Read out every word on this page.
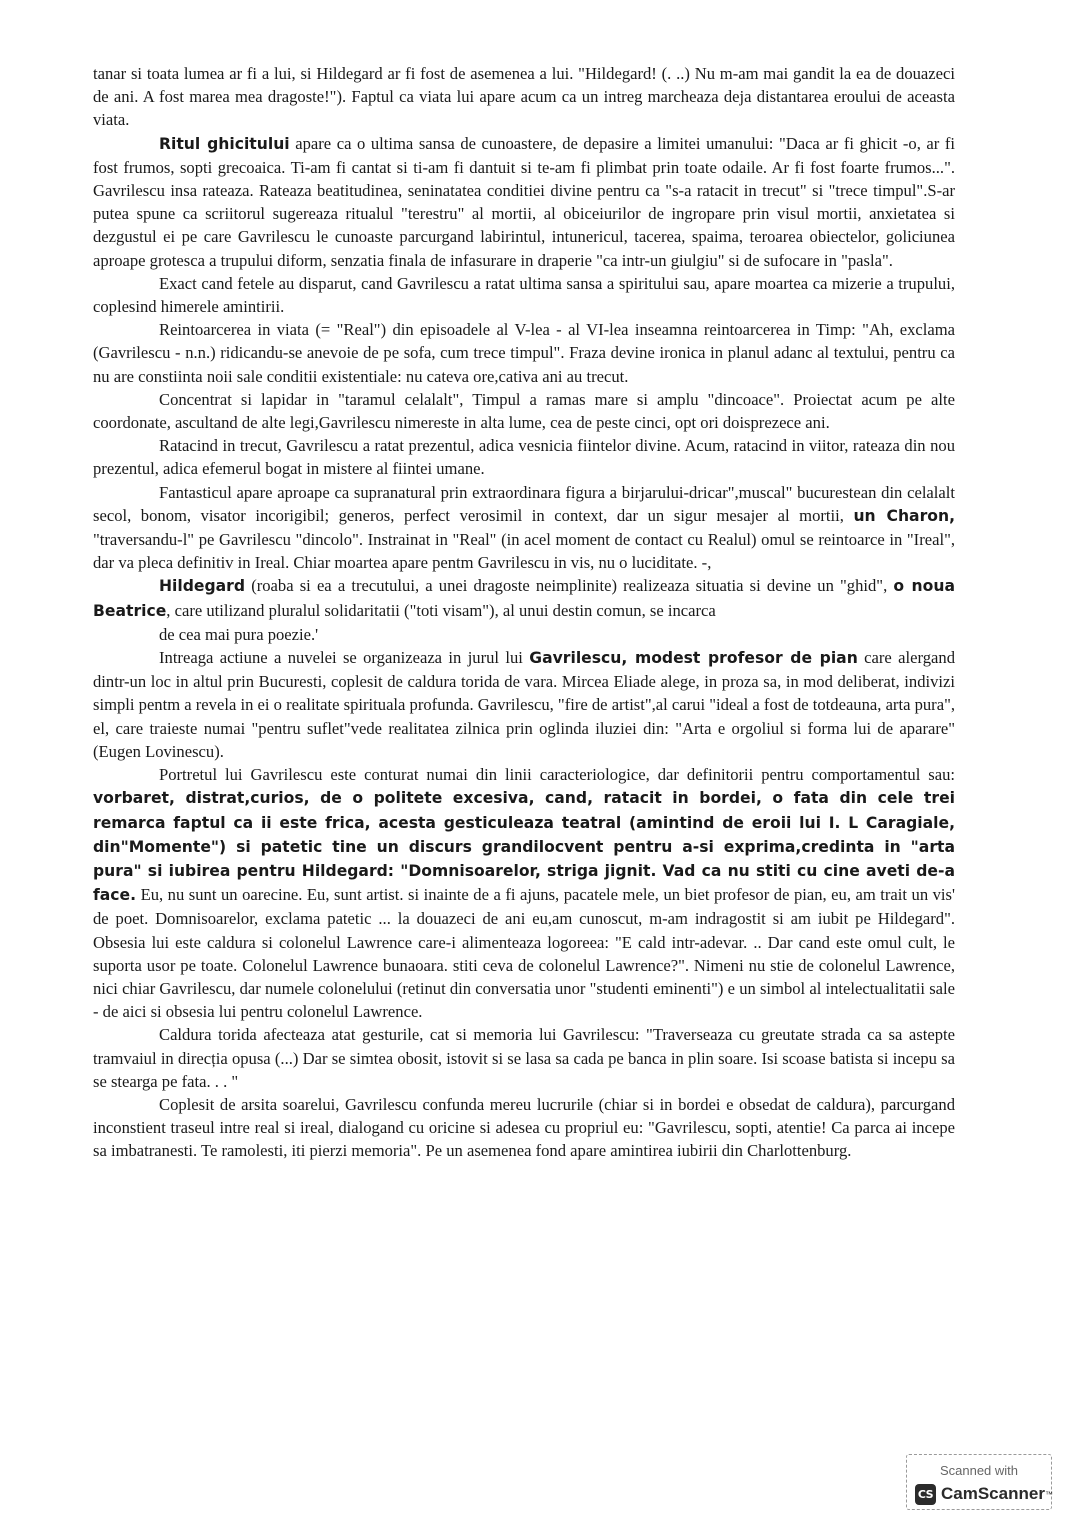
tanar si toata lumea ar fi a lui, si Hildegard ar fi fost de asemenea a lui. "Hildegard! (. ..) Nu m-am mai gandit la ea de douazeci de ani. A fost marea mea dragoste!"). Faptul ca viata lui apare acum ca un intreg marcheaza deja distantarea eroului de aceasta viata.

Ritul ghicitului apare ca o ultima sansa de cunoastere, de depasire a limitei umanului: "Daca ar fi ghicit -o, ar fi fost frumos, sopti grecoaica. Ti-am fi cantat si ti-am fi dantuit si te-am fi plimbat prin toate odaile. Ar fi fost foarte frumos...". Gavrilescu insa rateaza. Rateaza beatitudinea, seninatatea conditiei divine pentru ca "s-a ratacit in trecut" si "trece timpul".S-ar putea spune ca scriitorul sugereaza ritualul "terestru" al mortii, al obiceiurilor de ingropare prin visul mortii, anxietatea si dezgustul ei pe care Gavrilescu le cunoaste parcurgand labirintul, intunericul, tacerea, spaima, teroarea obiectelor, goliciunea aproape grotesca a trupului diform, senzatia finala de infasurare in draperie "ca intr-un giulgiu" si de sufocare in "pasla".

Exact cand fetele au disparut, cand Gavrilescu a ratat ultima sansa a spiritului sau, apare moartea ca mizerie a trupului, coplesind himerele amintirii.

Reintoarcerea in viata (= "Real") din episoadele al V-lea - al VI-lea inseamna reintoarcerea in Timp: "Ah, exclama (Gavrilescu - n.n.) ridicandu-se anevoie de pe sofa, cum trece timpul". Fraza devine ironica in planul adanc al textului, pentru ca nu are constiinta noii sale conditii existentiale: nu cateva ore,cativa ani au trecut.

Concentrat si lapidar in "taramul celalalt", Timpul a ramas mare si amplu "dincoace". Proiectat acum pe alte coordonate, ascultand de alte legi,Gavrilescu nimereste in alta lume, cea de peste cinci, opt ori doisprezece ani.

Ratacind in trecut, Gavrilescu a ratat prezentul, adica vesnicia fiintelor divine. Acum, ratacind in viitor, rateaza din nou prezentul, adica efemerul bogat in mistere al fiintei umane.

Fantasticul apare aproape ca supranatural prin extraordinara figura a birjarului-dricar",muscal" bucurestean din celalalt secol, bonom, visator incorigibil; generos, perfect verosimil in context, dar un sigur mesajer al mortii, un Charon, "traversandu-l" pe Gavrilescu "dincolo". Instrainat in "Real" (in acel moment de contact cu Realul) omul se reintoarce in "Ireal", dar va pleca definitiv in Ireal. Chiar moartea apare pentm Gavrilescu in vis, nu o luciditate. -,

Hildegard (roaba si ea a trecutului, a unei dragoste neimplinite) realizeaza situatia si devine un "ghid", o noua Beatrice, care utilizand pluralul solidaritatii ("toti visam"), al unui destin comun, se incarca

de cea mai pura poezie.'

Intreaga actiune a nuvelei se organizeaza in jurul lui Gavrilescu, modest profesor de pian care alergand dintr-un loc in altul prin Bucuresti, coplesit de caldura torida de vara. Mircea Eliade alege, in proza sa, in mod deliberat, indivizi simpli pentm a revela in ei o realitate spirituala profunda. Gavrilescu, "fire de artist",al carui "ideal a fost de totdeauna, arta pura", el, care traieste numai "pentru suflet"vede realitatea zilnica prin oglinda iluziei din: "Arta e orgoliul si forma lui de aparare" (Eugen Lovinescu).

Portretul lui Gavrilescu este conturat numai din linii caracteriologice, dar definitorii pentru comportamentul sau: vorbaret, distrat,curios, de o politete excesiva, cand, ratacit in bordei, o fata din cele trei remarca faptul ca ii este frica, acesta gesticuleaza teatral (amintind de eroii lui I. L Caragiale, din"Momente") si patetic tine un discurs grandilocvent pentru a-si exprima,credinta in "arta pura" si iubirea pentru Hildegard: "Domnisoarelor, striga jignit. Vad ca nu stiti cu cine aveti de-a face. Eu, nu sunt un oarecine. Eu, sunt artist. si inainte de a fi ajuns, pacatele mele, un biet profesor de pian, eu, am trait un vis' de poet. Domnisoarelor, exclama patetic ... la douazeci de ani eu,am cunoscut, m-am indragostit si am iubit pe Hildegard". Obsesia lui este caldura si colonelul Lawrence care-i alimenteaza logoreea: "E cald intr-adevar. .. Dar cand este omul cult, le suporta usor pe toate. Colonelul Lawrence bunaoara. stiti ceva de colonelul Lawrence?". Nimeni nu stie de colonelul Lawrence, nici chiar Gavrilescu, dar numele colonelului (retinut din conversatia unor "studenti eminenti") e un simbol al intelectualitatii sale - de aici si obsesia lui pentru colonelul Lawrence.

Caldura torida afecteaza atat gesturile, cat si memoria lui Gavrilescu: "Traverseaza cu greutate strada ca sa astepte tramvaiul in direcția opusa (...) Dar se simtea obosit, istovit si se lasa sa cada pe banca in plin soare. Isi scoase batista si incepu sa se stearga pe fata. . . "

Coplesit de arsita soarelui, Gavrilescu confunda mereu lucrurile (chiar si in bordei e obsedat de caldura), parcurgand inconstient traseul intre real si ireal, dialogand cu oricine si adesea cu propriul eu: "Gavrilescu, sopti, atentie! Ca parca ai incepe sa imbatranesti. Te ramolesti, iti pierzi memoria". Pe un asemenea fond apare amintirea iubirii din Charlottenburg.

Scanned with
CS CamScanner ™
